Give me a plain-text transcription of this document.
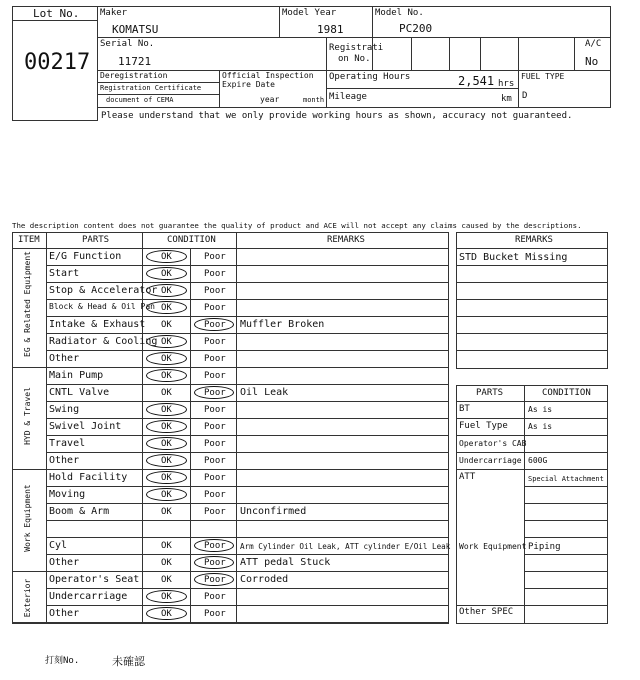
Lot No.
00217
Maker
KOMATSU
Model Year
1981
Model No.
PC200
Serial No.
11721
Registrati
on No.
A/C
No
Deregistration
Registration Certificate
document of CEMA
Official Inspection
Expire Date
year	month
Operating Hours	2,541 hrs
Mileage	km
FUEL TYPE
D
Please understand that we only provide working hours as shown, accuracy not guaranteed.
The description content does not guarantee the quality of product and ACE will not accept any claims caused by the descriptions.
ITEM	PARTS	CONDITION	REMARKS
EG & Related Equipment
HYD & Travel
Work Equipment
Exterior
E/G Function	OK	Poor
Start	OK	Poor
Stop & Accelerator OK	Poor
Block & Head & Oil Pan OK	Poor
Intake & Exhaust OK	Poor Muffler Broken
Radiator & Cooling OK	Poor
Other	OK	Poor
Main Pump	OK	Poor
CNTL Valve	OK	Poor Oil Leak
Swing	OK	Poor
Swivel Joint	OK	Poor
Travel	OK	Poor
Other	OK	Poor
Hold Facility	OK	Poor
Moving	OK	Poor
Boom & Arm	OK	Poor Unconfirmed
Cyl	OK	Poor Arm Cylinder Oil Leak, ATT cylinder E/Oil Leak
Other	OK	Poor ATT pedal Stuck
Operator's Seat OK	Poor Corroded
Undercarriage	OK	Poor
Other	OK	Poor
REMARKS
STD Bucket Missing
PARTS	CONDITION
BT	As is
Fuel Type	As is
Operator's CAB
Undercarriage 600G
ATT	Special Attachment
Work Equipment Piping
Other SPEC
打刻No.	未確認
